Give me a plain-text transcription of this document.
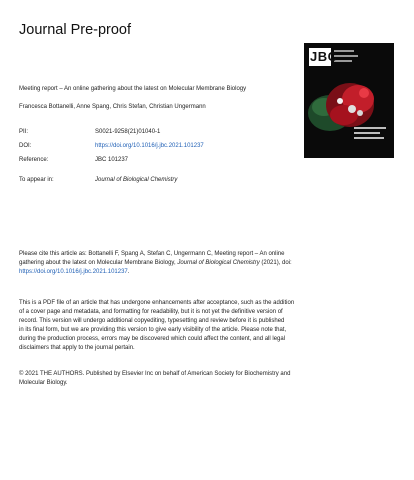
Journal Pre-proof
JBC
Meeting report – An online gathering about the latest on Molecular Membrane Biology
Francesca Bottanelli, Anne Spang, Chris Stefan, Christian Ungermann
PII:	S0021-9258(21)01040-1
DOI:	https://doi.org/10.1016/j.jbc.2021.101237
Reference:	JBC 101237
To appear in:	Journal of Biological Chemistry
Please cite this article as: Bottanelli F, Spang A, Stefan C, Ungermann C, Meeting report – An online
gathering about the latest on Molecular Membrane Biology, Journal of Biological Chemistry (2021), doi:
https://doi.org/10.1016/j.jbc.2021.101237.
This is a PDF file of an article that has undergone enhancements after acceptance, such as the addition
of a cover page and metadata, and formatting for readability, but it is not yet the definitive version of
record. This version will undergo additional copyediting, typesetting and review before it is published
in its final form, but we are providing this version to give early visibility of the article. Please note that,
during the production process, errors may be discovered which could affect the content, and all legal
disclaimers that apply to the journal pertain.
© 2021 THE AUTHORS. Published by Elsevier Inc on behalf of American Society for Biochemistry and
Molecular Biology.
